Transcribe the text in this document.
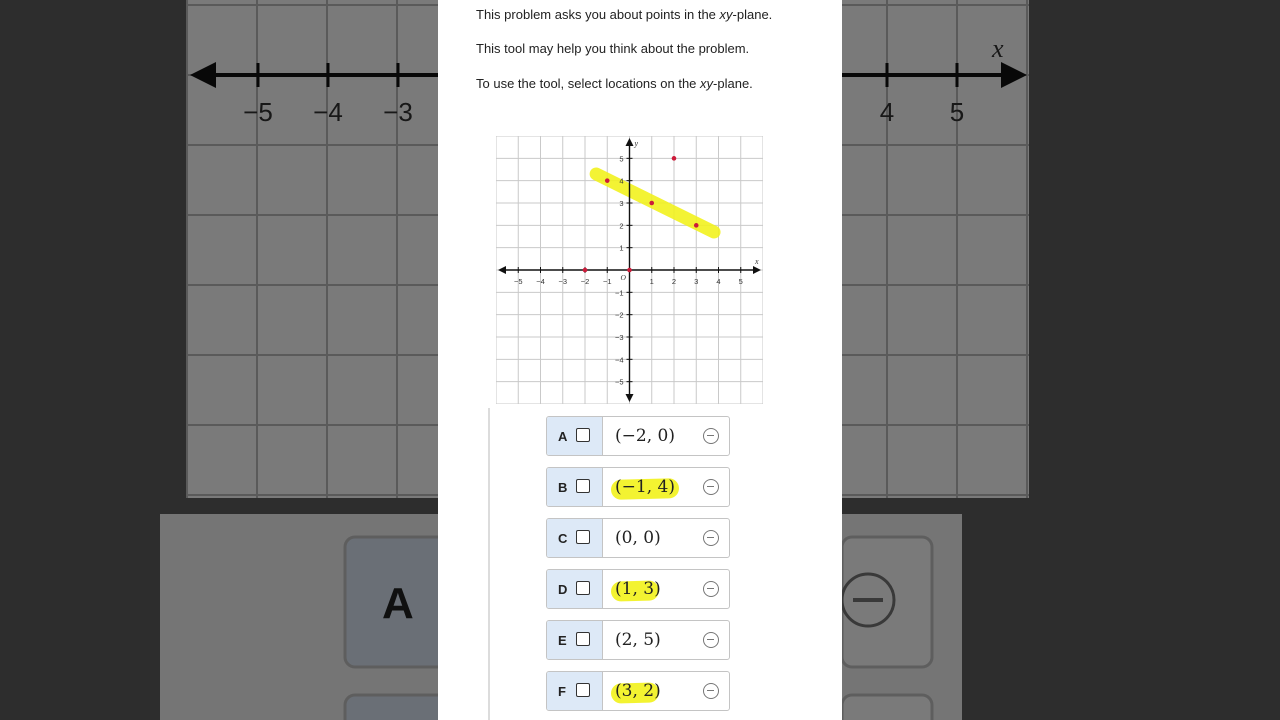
This problem asks you about points in the xy-plane.
This tool may help you think about the problem.
To use the tool, select locations on the xy-plane.
−5 −4 −3 −2 −1	1 2 3 4 5
5
4
3
2
1
−1
−2
−3
−4
−5
x
y
O
A	(−2, 0)
B	(−1, 4)
C	(0, 0)
D	(1, 3)
E	(2, 5)
F	(3, 2)
